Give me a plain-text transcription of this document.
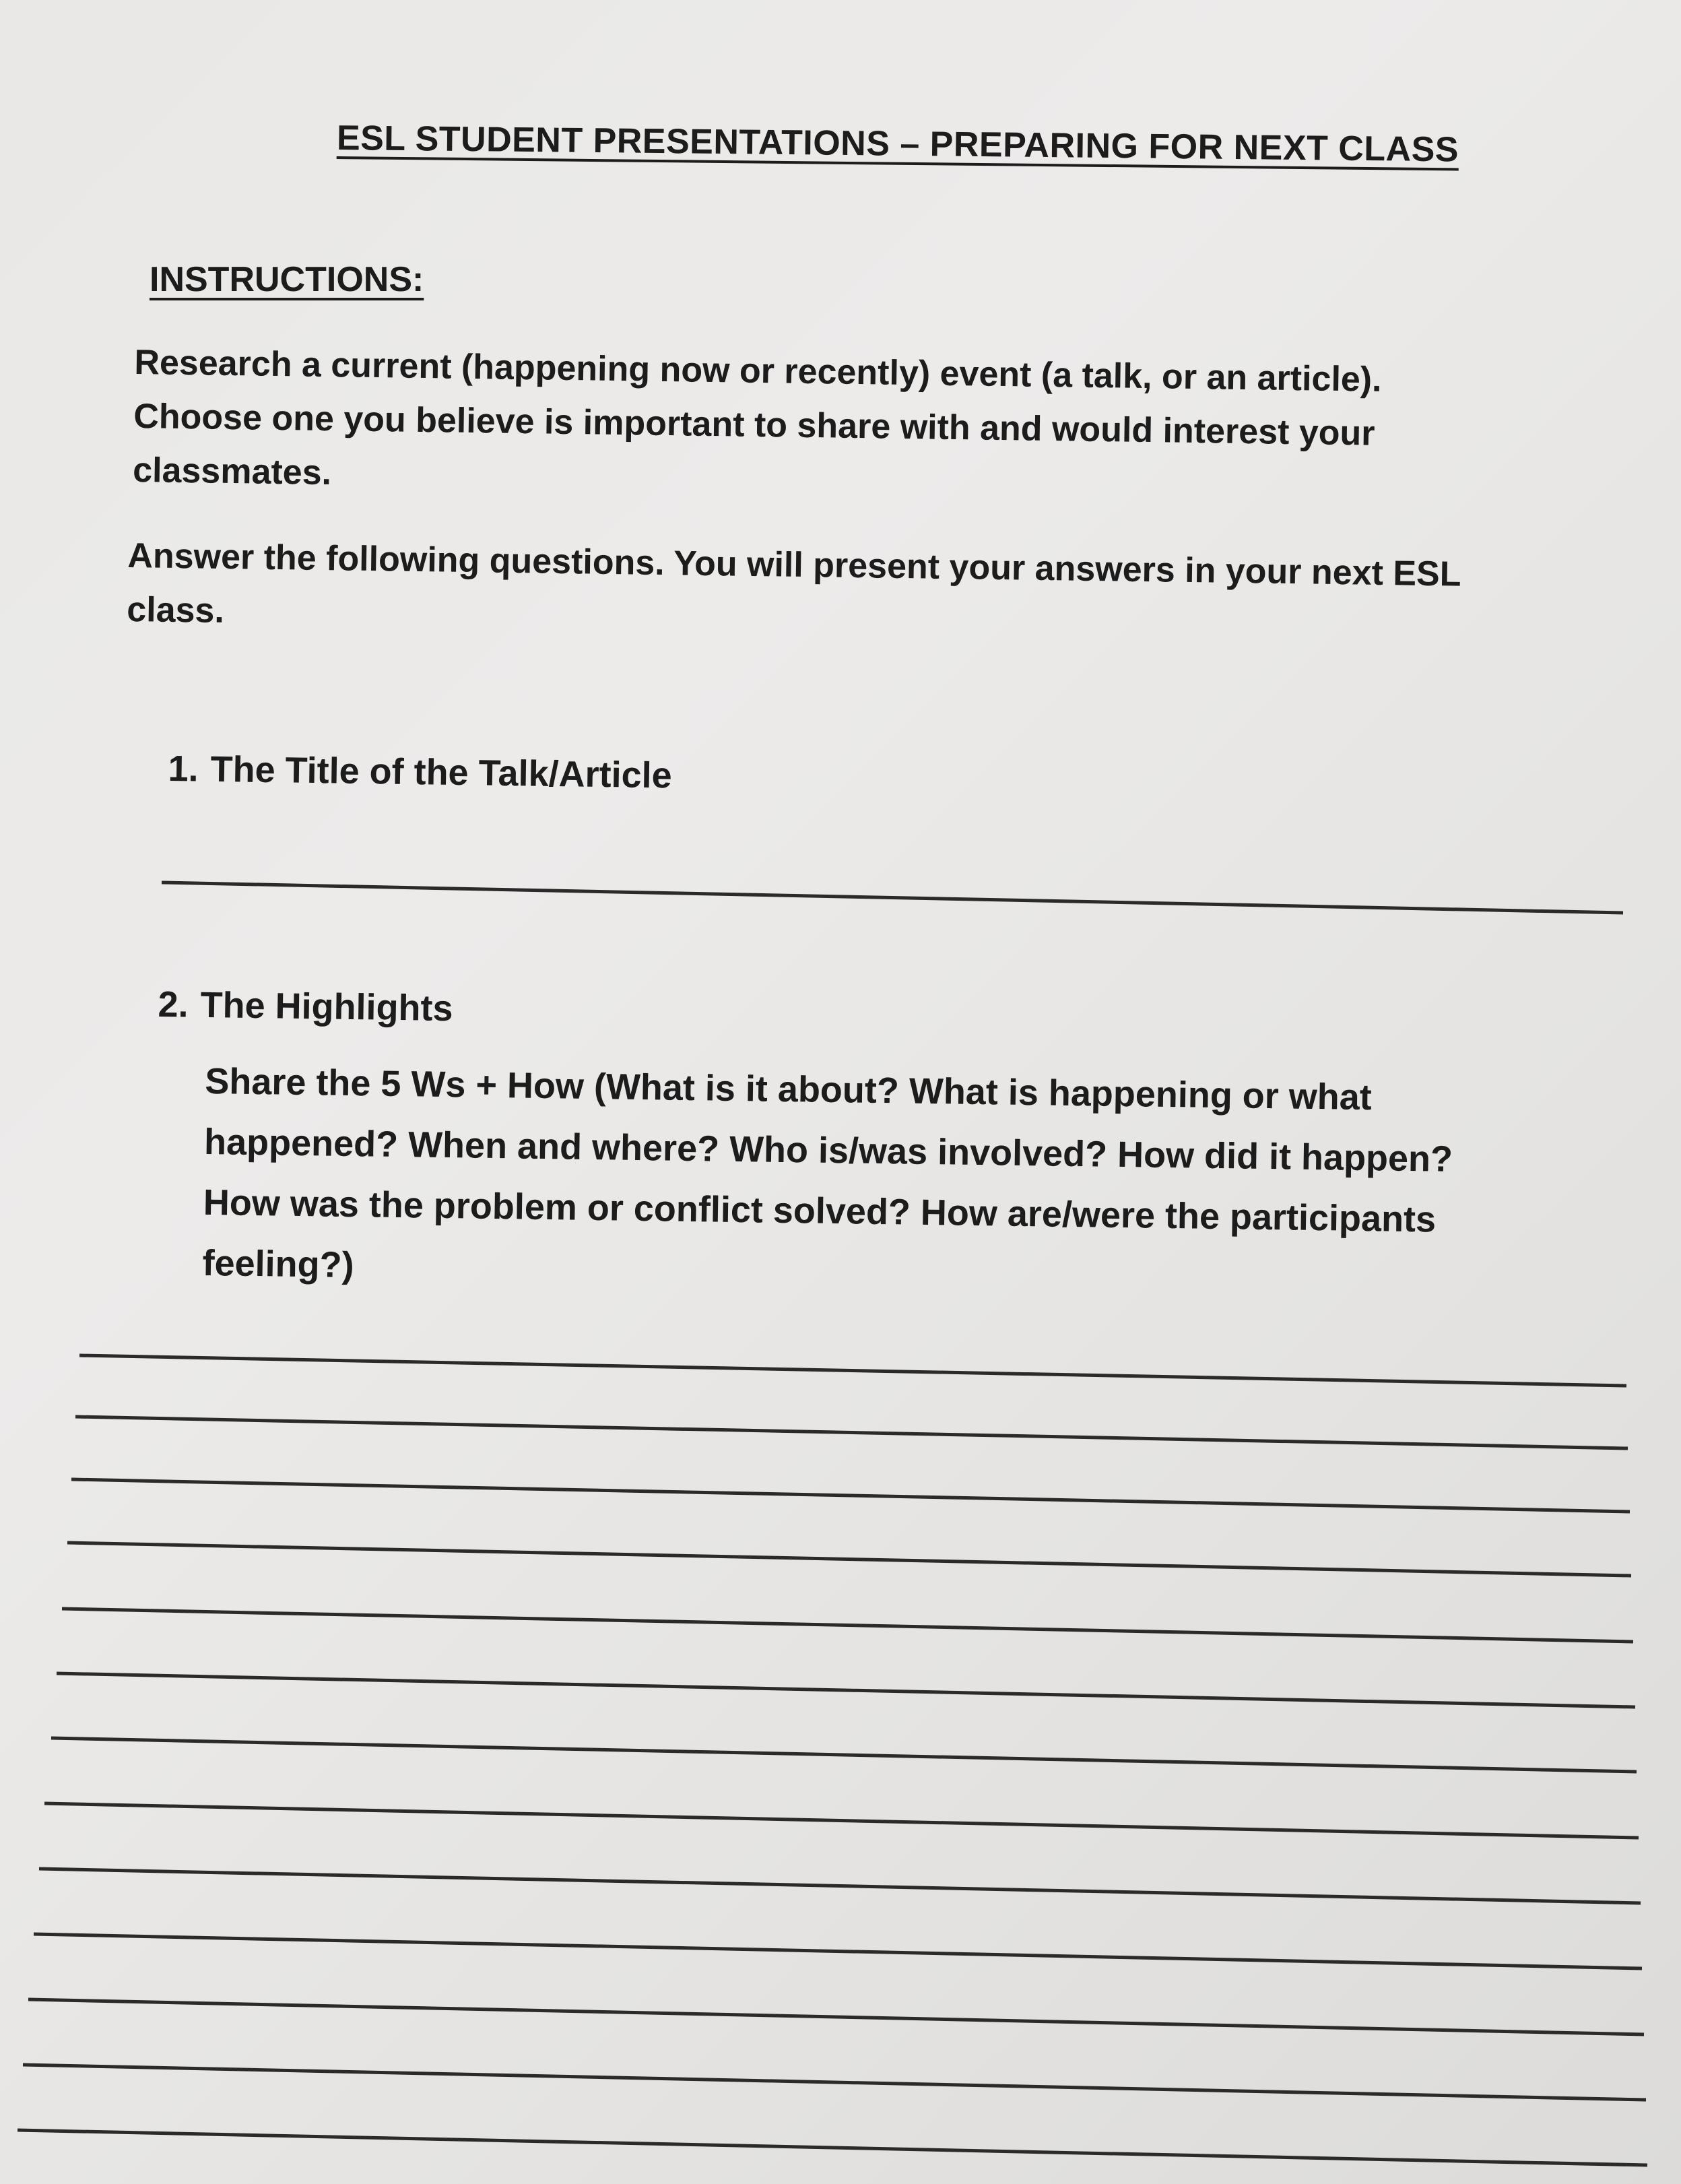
ESL STUDENT PRESENTATIONS – PREPARING FOR NEXT CLASS
INSTRUCTIONS:
Research a current (happening now or recently) event (a talk, or an article).
Choose one you believe is important to share with and would interest your
classmates.
Answer the following questions. You will present your answers in your next ESL
class.
1. The Title of the Talk/Article
2. The Highlights
Share the 5 Ws + How (What is it about? What is happening or what
happened? When and where? Who is/was involved? How did it happen?
How was the problem or conflict solved? How are/were the participants
feeling?)
